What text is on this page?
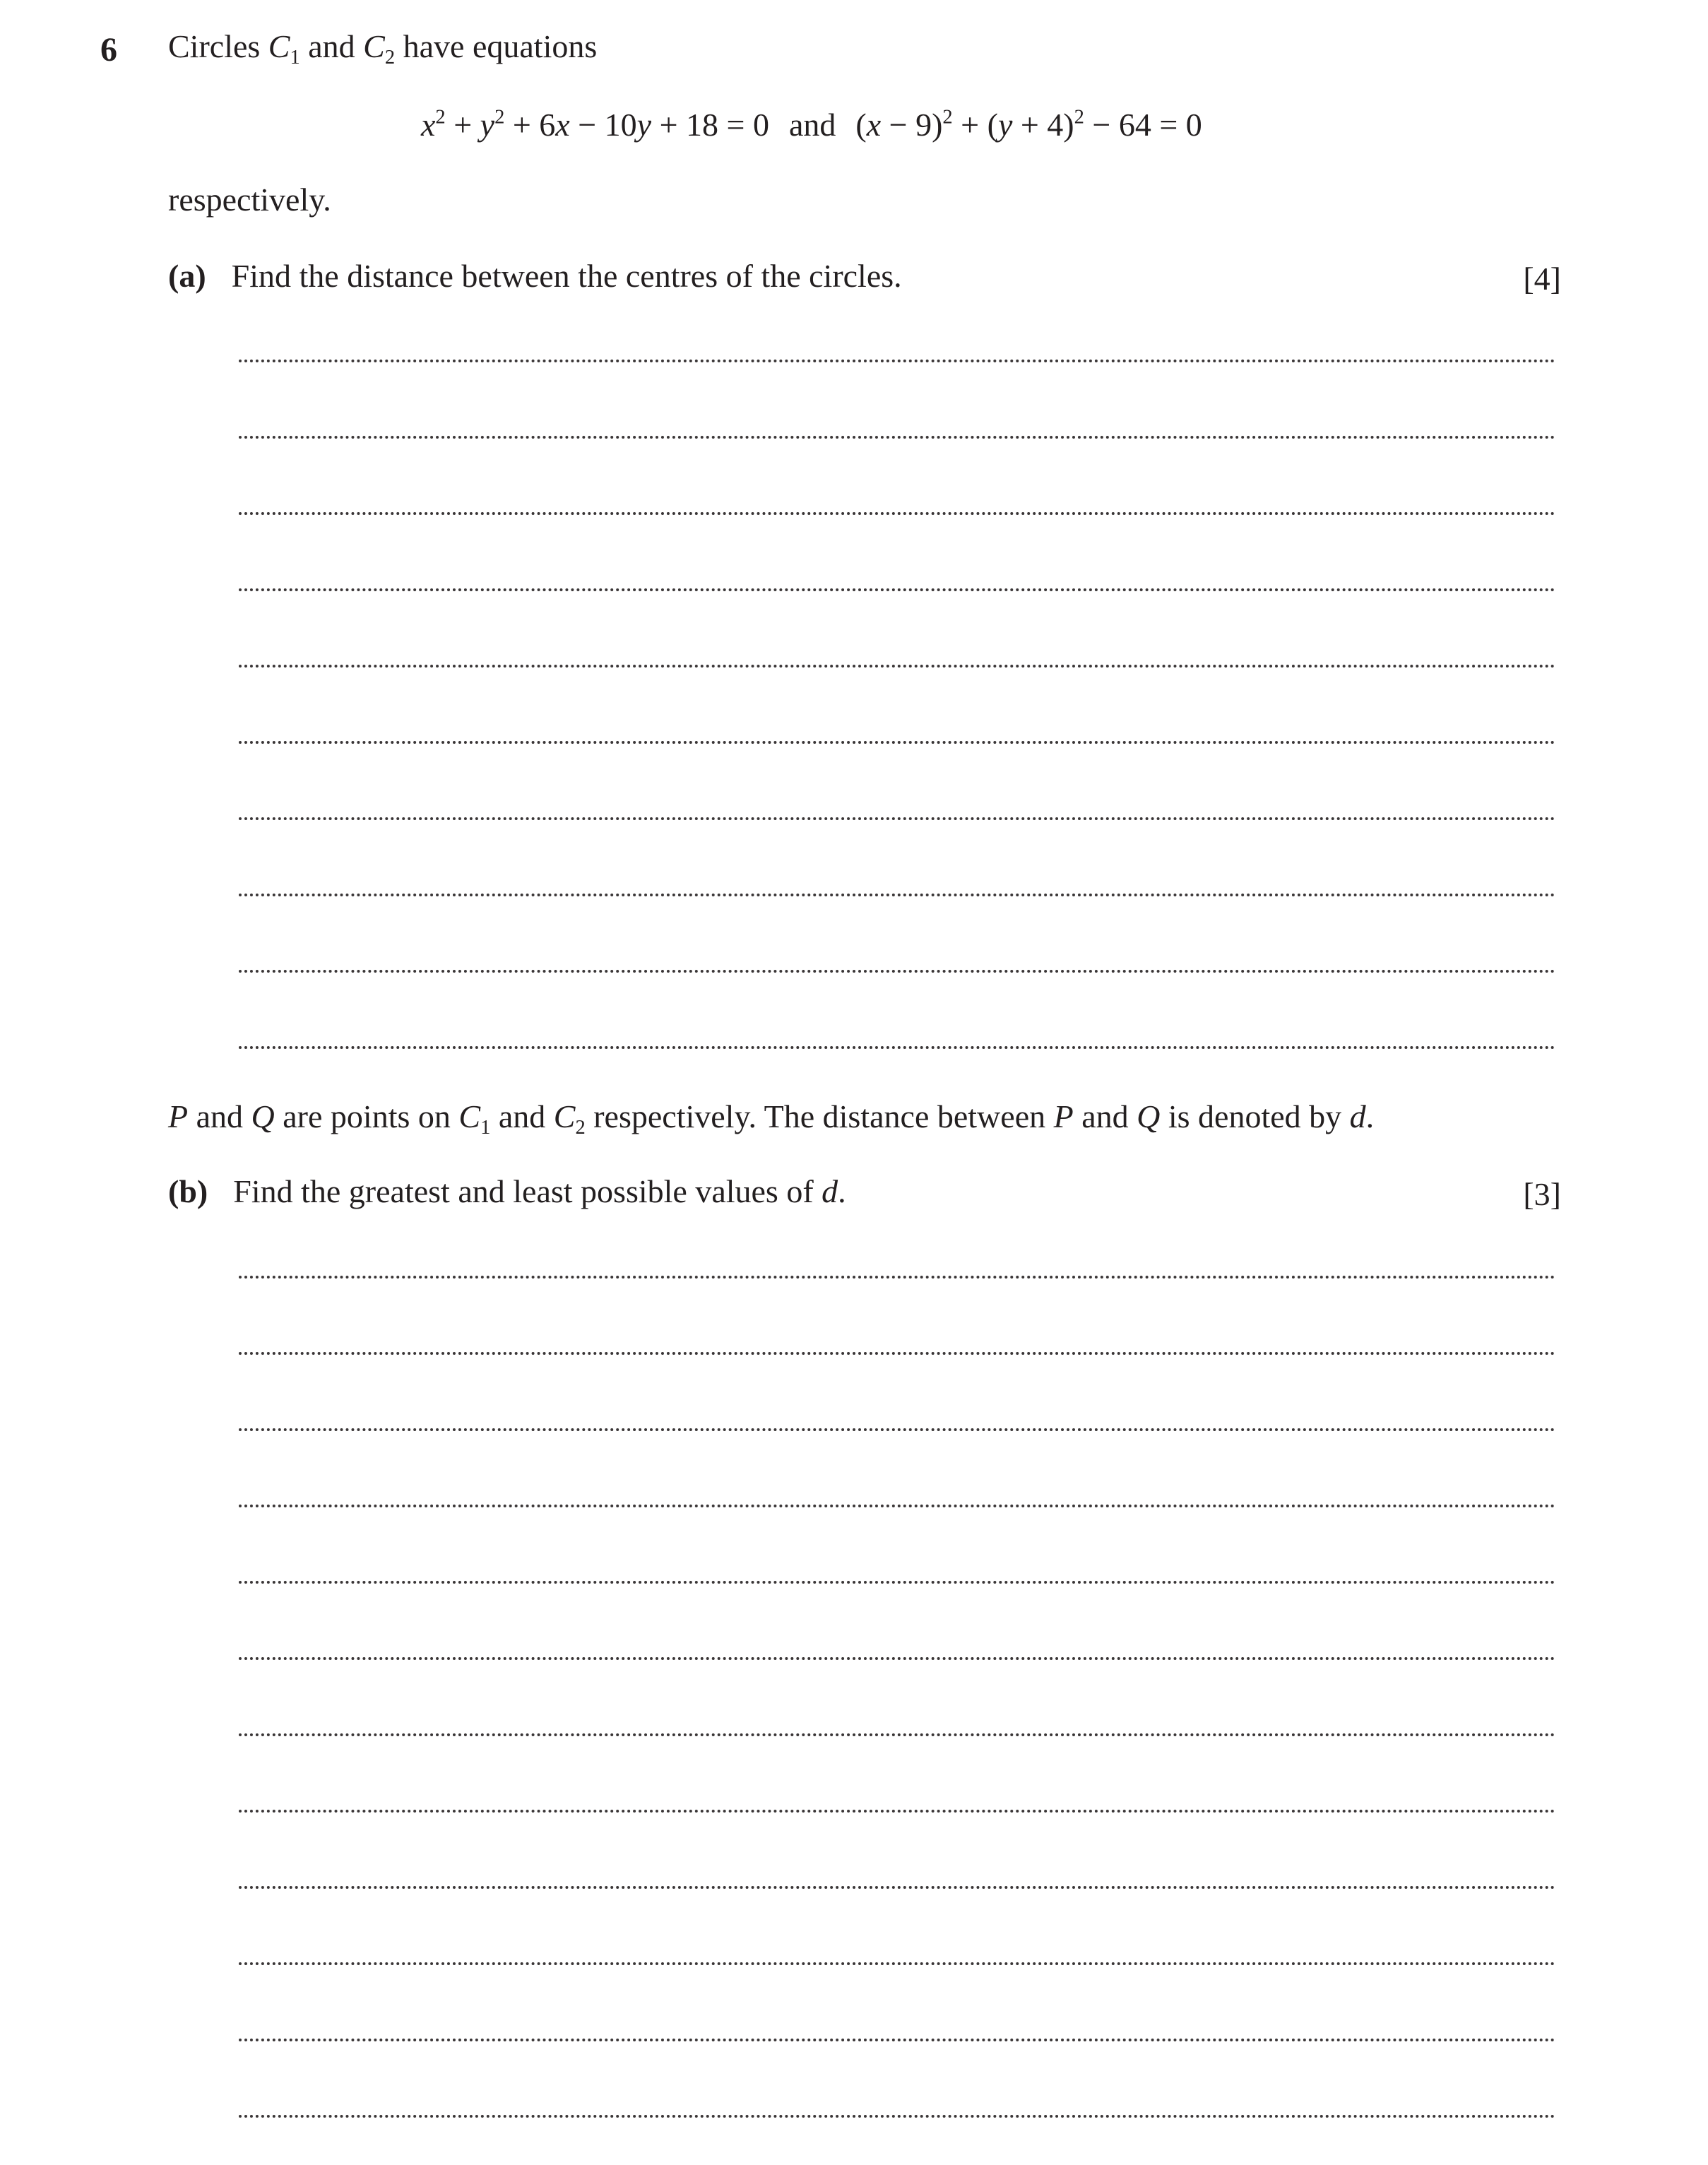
6 Circles $C_1$ and $C_2$ have equations
$x^2 + y^2 + 6x - 10y + 18 = 0$ and $(x - 9)^2 + (y + 4)^2 - 64 = 0$
respectively.
(a) Find the distance between the centres of the circles.	[4]
P and Q are points on $C_1$ and $C_2$ respectively. The distance between P and Q is denoted by d.
(b) Find the greatest and least possible values of d.	[3]
